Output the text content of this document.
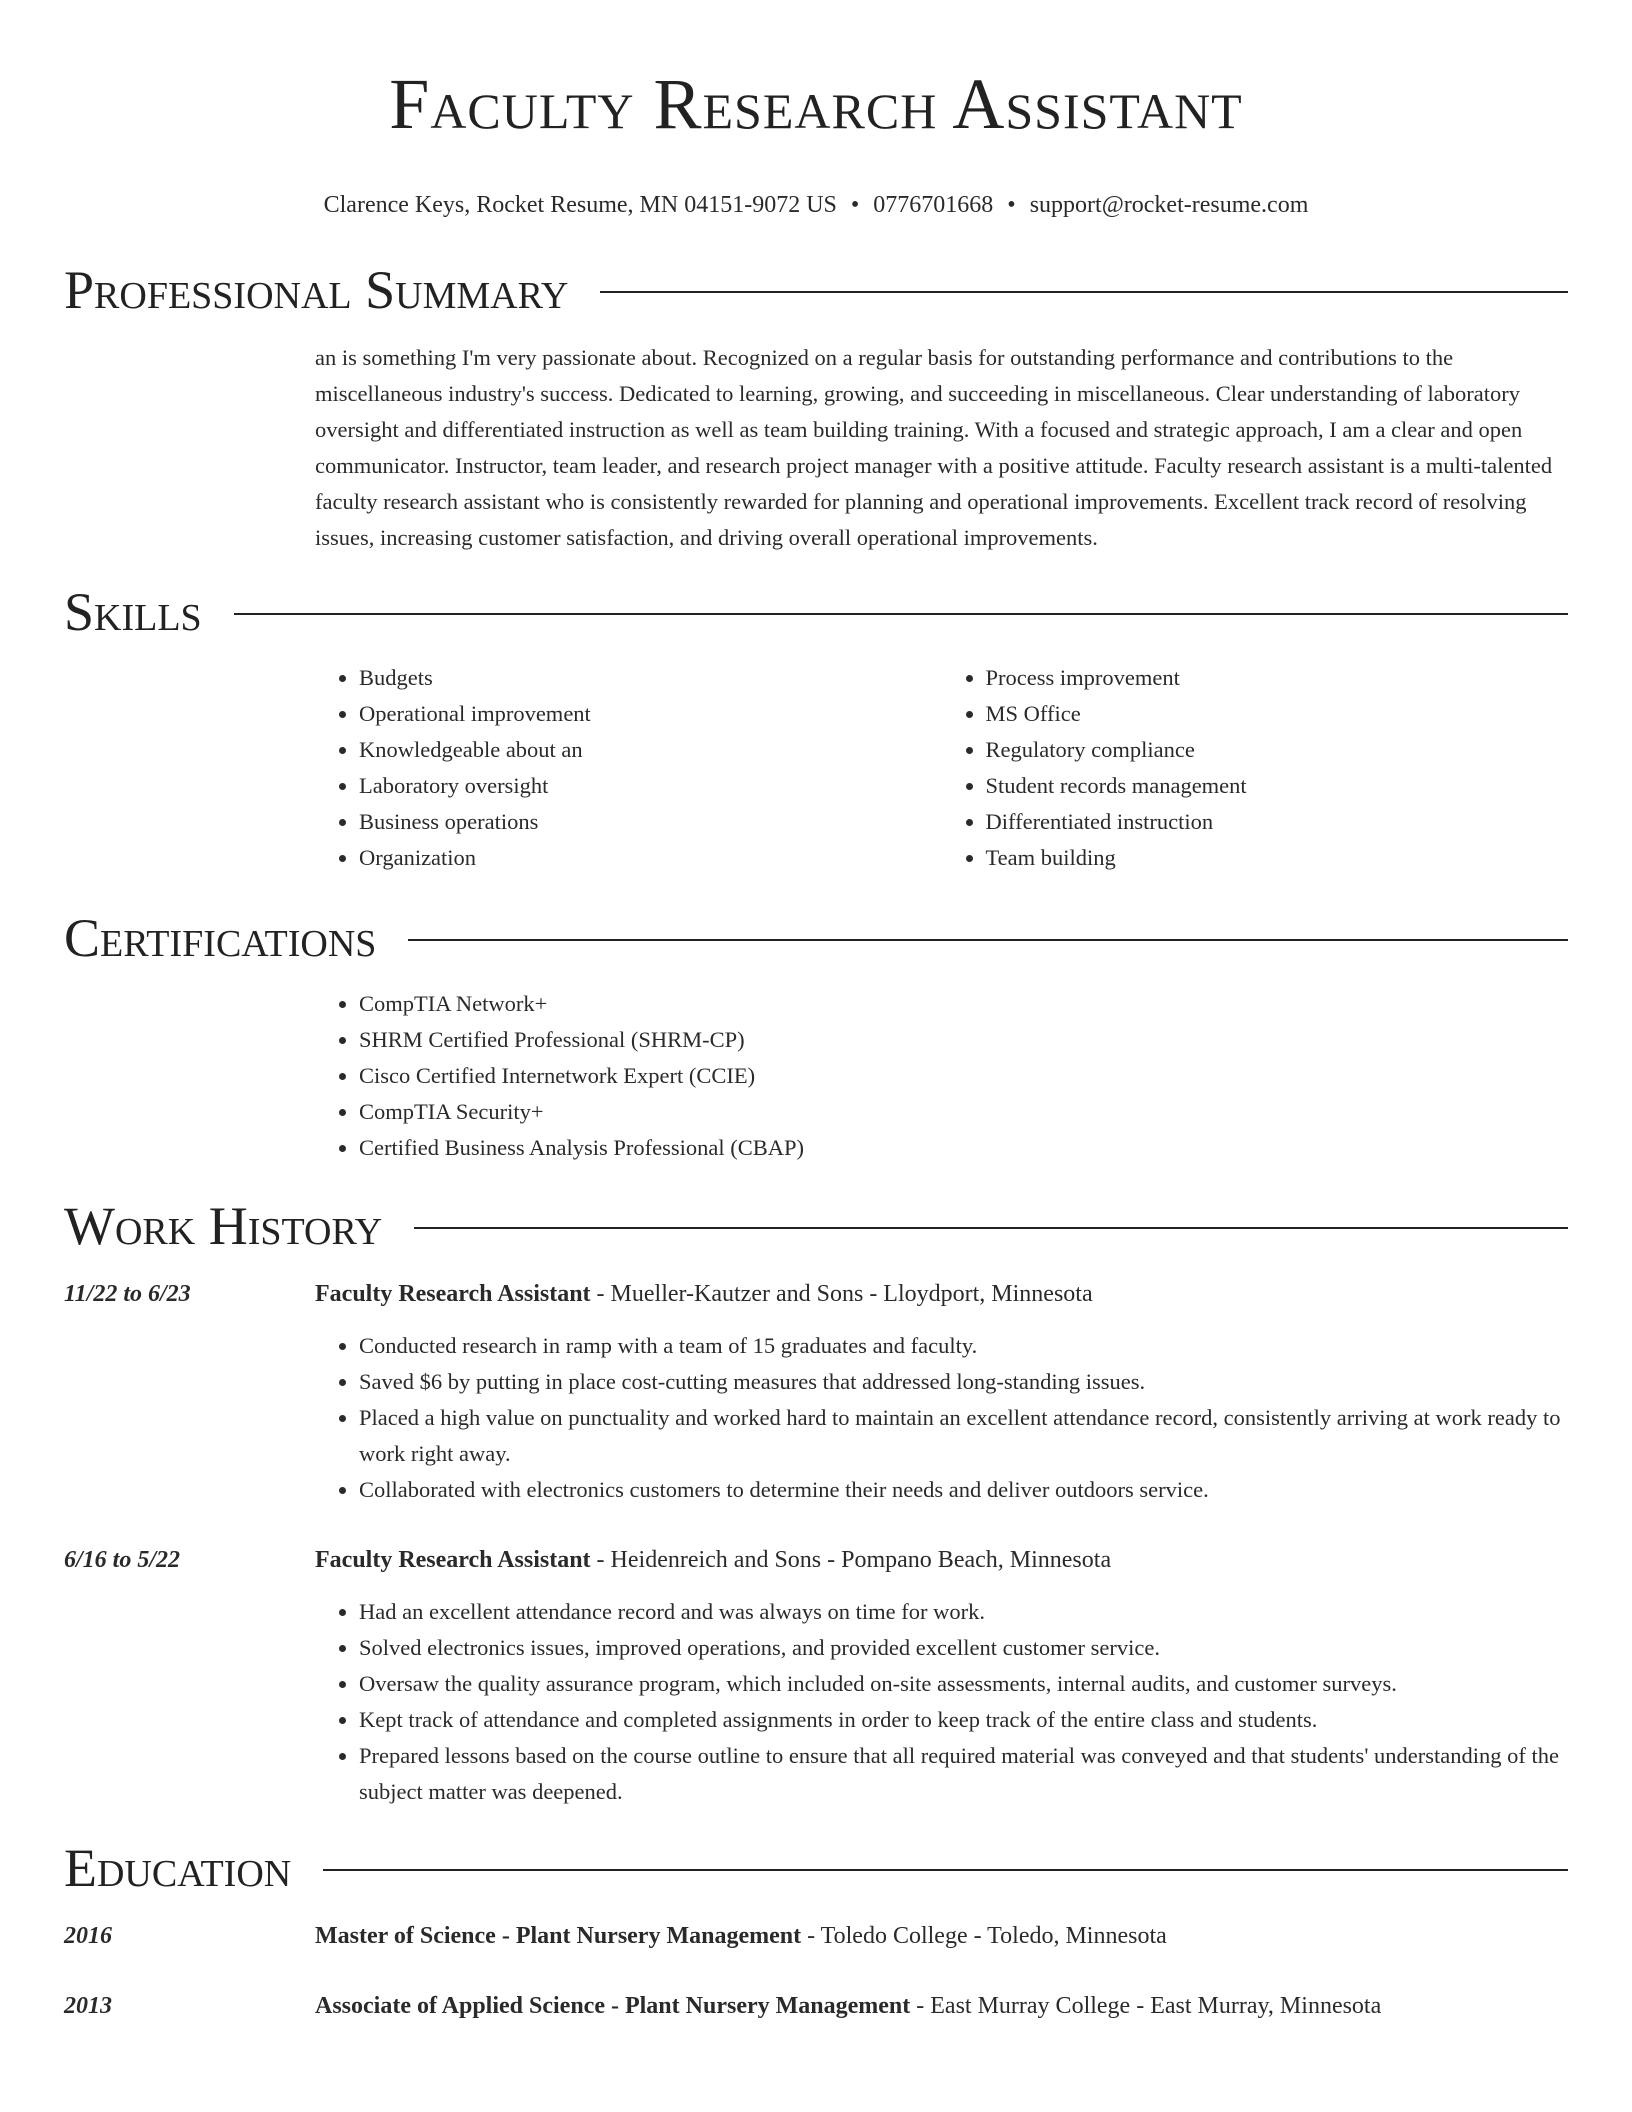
Faculty Research Assistant
Clarence Keys, Rocket Resume, MN 04151-9072 US • 0776701668 • support@rocket-resume.com
Professional Summary
an is something I'm very passionate about. Recognized on a regular basis for outstanding performance and contributions to the miscellaneous industry's success. Dedicated to learning, growing, and succeeding in miscellaneous. Clear understanding of laboratory oversight and differentiated instruction as well as team building training. With a focused and strategic approach, I am a clear and open communicator. Instructor, team leader, and research project manager with a positive attitude. Faculty research assistant is a multi-talented faculty research assistant who is consistently rewarded for planning and operational improvements. Excellent track record of resolving issues, increasing customer satisfaction, and driving overall operational improvements.
Skills
• Budgets
• Operational improvement
• Knowledgeable about an
• Laboratory oversight
• Business operations
• Organization
• Process improvement
• MS Office
• Regulatory compliance
• Student records management
• Differentiated instruction
• Team building
Certifications
• CompTIA Network+
• SHRM Certified Professional (SHRM-CP)
• Cisco Certified Internetwork Expert (CCIE)
• CompTIA Security+
• Certified Business Analysis Professional (CBAP)
Work History
11/22 to 6/23	Faculty Research Assistant - Mueller-Kautzer and Sons - Lloydport, Minnesota
• Conducted research in ramp with a team of 15 graduates and faculty.
• Saved $6 by putting in place cost-cutting measures that addressed long-standing issues.
• Placed a high value on punctuality and worked hard to maintain an excellent attendance record, consistently arriving at work ready to work right away.
• Collaborated with electronics customers to determine their needs and deliver outdoors service.
6/16 to 5/22	Faculty Research Assistant - Heidenreich and Sons - Pompano Beach, Minnesota
• Had an excellent attendance record and was always on time for work.
• Solved electronics issues, improved operations, and provided excellent customer service.
• Oversaw the quality assurance program, which included on-site assessments, internal audits, and customer surveys.
• Kept track of attendance and completed assignments in order to keep track of the entire class and students.
• Prepared lessons based on the course outline to ensure that all required material was conveyed and that students' understanding of the subject matter was deepened.
Education
2016	Master of Science - Plant Nursery Management - Toledo College - Toledo, Minnesota
2013	Associate of Applied Science - Plant Nursery Management - East Murray College - East Murray, Minnesota
